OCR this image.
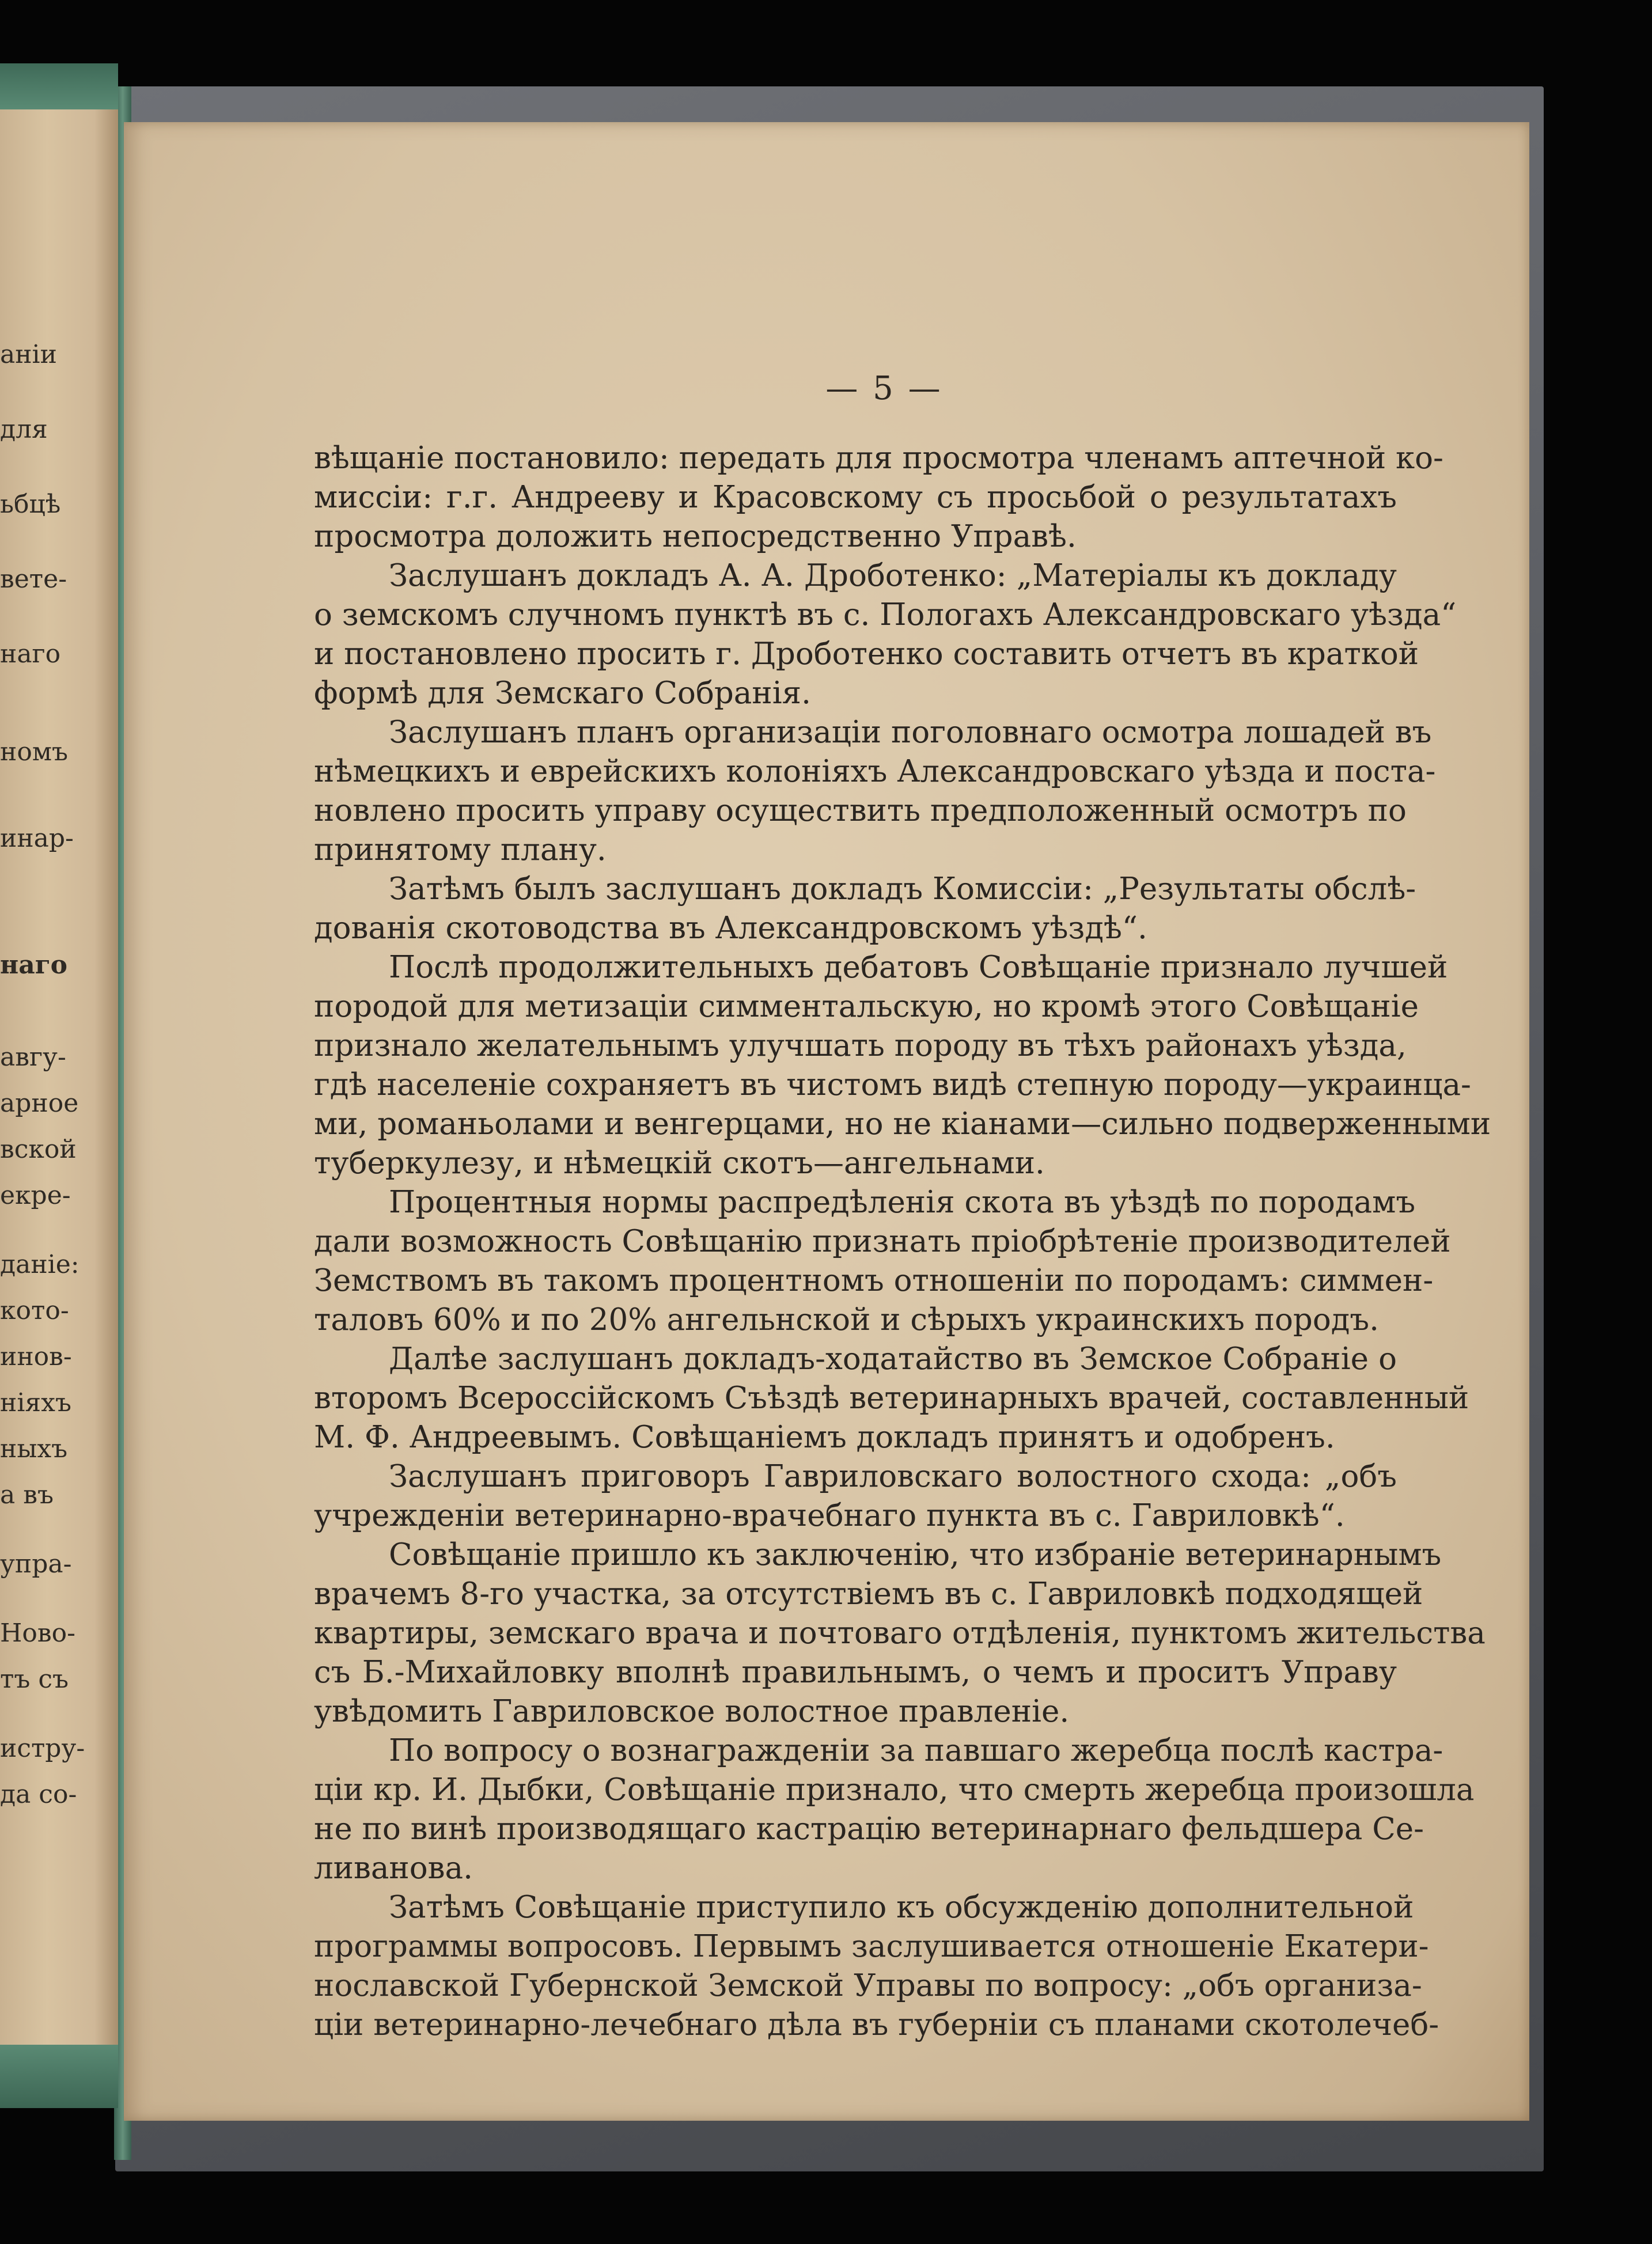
аніи
для
ьбцѣ
вете-
наго
номъ
инар-
наго
авгу-
арное
вской
екре-
даніе:
кото-
инов-
ніяхъ
ныхъ
а въ
упра-
Ново-
тъ съ
истру-
да со-
— 5 —
вѣщаніе постановило: передать для просмотра членамъ аптечной ко-
миссіи: г.г. Андрееву и Красовскому съ просьбой о результатахъ
просмотра доложить непосредственно Управѣ.
Заслушанъ докладъ А. А. Дроботенко: „Матеріалы къ докладу
о земскомъ случномъ пунктѣ въ с. Пологахъ Александровскаго уѣзда“
и постановлено просить г. Дроботенко составить отчетъ въ краткой
формѣ для Земскаго Собранія.
Заслушанъ планъ организаціи поголовнаго осмотра лошадей въ
нѣмецкихъ и еврейскихъ колоніяхъ Александровскаго уѣзда и поста-
новлено просить управу осуществить предположенный осмотръ по
принятому плану.
Затѣмъ былъ заслушанъ докладъ Комиссіи: „Результаты обслѣ-
дованія скотоводства въ Александровскомъ уѣздѣ“.
Послѣ продолжительныхъ дебатовъ Совѣщаніе признало лучшей
породой для метизаціи симментальскую, но кромѣ этого Совѣщаніе
признало желательнымъ улучшать породу въ тѣхъ районахъ уѣзда,
гдѣ населеніе сохраняетъ въ чистомъ видѣ степную породу—украинца-
ми, романьолами и венгерцами, но не кіанами—сильно подверженными
туберкулезу, и нѣмецкій скотъ—ангельнами.
Процентныя нормы распредѣленія скота въ уѣздѣ по породамъ
дали возможность Совѣщанію признать пріобрѣтеніе производителей
Земствомъ въ такомъ процентномъ отношеніи по породамъ: симмен-
таловъ 60% и по 20% ангельнской и сѣрыхъ украинскихъ породъ.
Далѣе заслушанъ докладъ-ходатайство въ Земское Собраніе о
второмъ Всероссійскомъ Съѣздѣ ветеринарныхъ врачей, составленный
М. Ф. Андреевымъ. Совѣщаніемъ докладъ принятъ и одобренъ.
Заслушанъ приговоръ Гавриловскаго волостного схода: „объ
учрежденіи ветеринарно-врачебнаго пункта въ с. Гавриловкѣ“.
Совѣщаніе пришло къ заключенію, что избраніе ветеринарнымъ
врачемъ 8-го участка, за отсутствіемъ въ с. Гавриловкѣ подходящей
квартиры, земскаго врача и почтоваго отдѣленія, пунктомъ жительства
съ Б.-Михайловку вполнѣ правильнымъ, о чемъ и проситъ Управу
увѣдомить Гавриловское волостное правленіе.
По вопросу о вознагражденіи за павшаго жеребца послѣ кастра-
ціи кр. И. Дыбки, Совѣщаніе признало, что смерть жеребца произошла
не по винѣ производящаго кастрацію ветеринарнаго фельдшера Се-
ливанова.
Затѣмъ Совѣщаніе приступило къ обсужденію дополнительной
программы вопросовъ. Первымъ заслушивается отношеніе Екатери-
нославской Губернской Земской Управы по вопросу: „объ организа-
ціи ветеринарно-лечебнаго дѣла въ губерніи съ планами скотолечеб-
